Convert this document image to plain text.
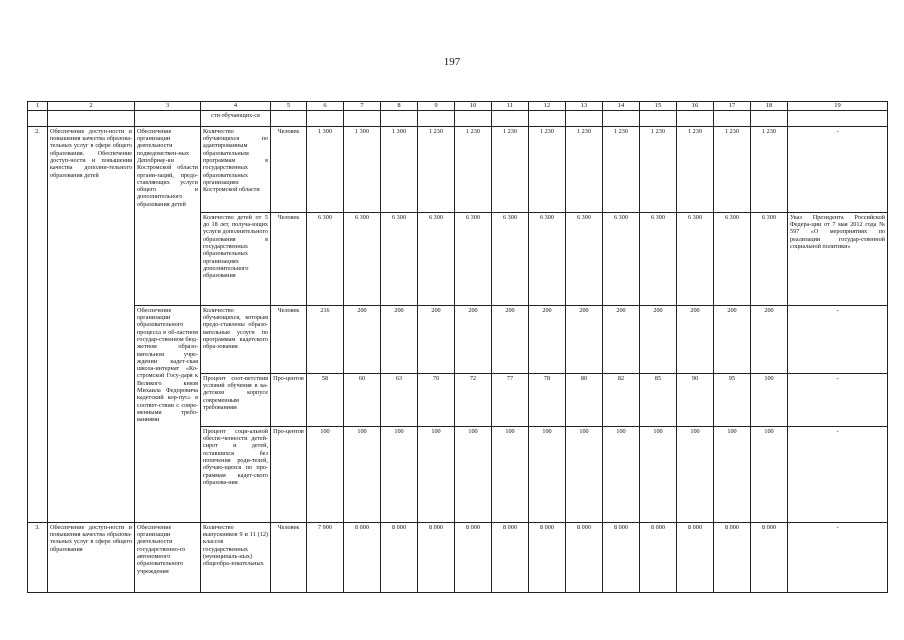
197
1	2	3	4	5	6	7	8	9	10	11	12	13	14	15	16	17	18	19
			сти обучающих-ся															
2.	Обеспечение доступ-ности и повышения качества образова-тельных услуг в сфере общего образования. Обеспечение доступ-ности и повышения качества дополни-тельного образования детей	Обеспечение организации деятельности подведомствен-ных Депобрнау-ки Костромской области органи-заций, предо-ставляющих услуги общего и дополнительного образования детей	Количество обучающихся по адаптированным образовательным программам в государственных образовательных организациях Костромской области	Человек	1 300	1 300	1 300	1 230	1 230	1 230	1 230	1 230	1 230	1 230	1 230	1 230	1 230	-
			Количество детей от 5 до 18 лет, получа-ющих услуги дополнительного образования в государственных образовательных организациях дополнительного образования	Человек	6 300	6 300	6 300	6 300	6 300	6 300	6 300	6 300	6 300	6 300	6 300	6 300	6 300	Указ Президента Российской Федера-ции от 7 мая 2012 года № 597 «О мероприятиях по реализации государ-ственной социальной политики»
		Обеспечение организации образовательного процесса в об-ластном государ-ственном бюд-жетном образо-вательном учре-ждении кадет-ская школа-интернат «Ко-стромской Госу-даря к Великого князя Михаила Федоровича кадетский кор-пус» в соответ-ствии с совре-менными требо-ваниями	Количество обучающихся, которым предо-ставлены образо-вательные услуги по программам кадетского обра-зования	Человек	216	200	200	200	200	200	200	200	200	200	200	200	200	-
			Процент соот-ветствия условий обучения в ка-детском корпусе современным требованиям	Про-центов	58	60	63	70	72	77	78	80	82	85	90	95	100	-
			Процент соци-альной обеспе-ченности детей-сирот и детей, оставшихся без попечения роди-телей, обучаю-щихся по про-граммам кадет-ского образова-ния	Про-центов	100	100	100	100	100	100	100	100	100	100	100	100	100	-
3.	Обеспечение доступ-ности и повышения качества образова-тельных услуг в сфере общего образования	Обеспечение организации деятельности государственно-го автономного образовательного учреждения	Количество выпускников 9 и 11 (12) классов государственных (муниципаль-ных) общеобра-зовательных	Человек	7 900	8 000	8 000	8 000	8 000	8 000	8 000	8 000	8 000	8 000	8 000	8 000	8 000	-
